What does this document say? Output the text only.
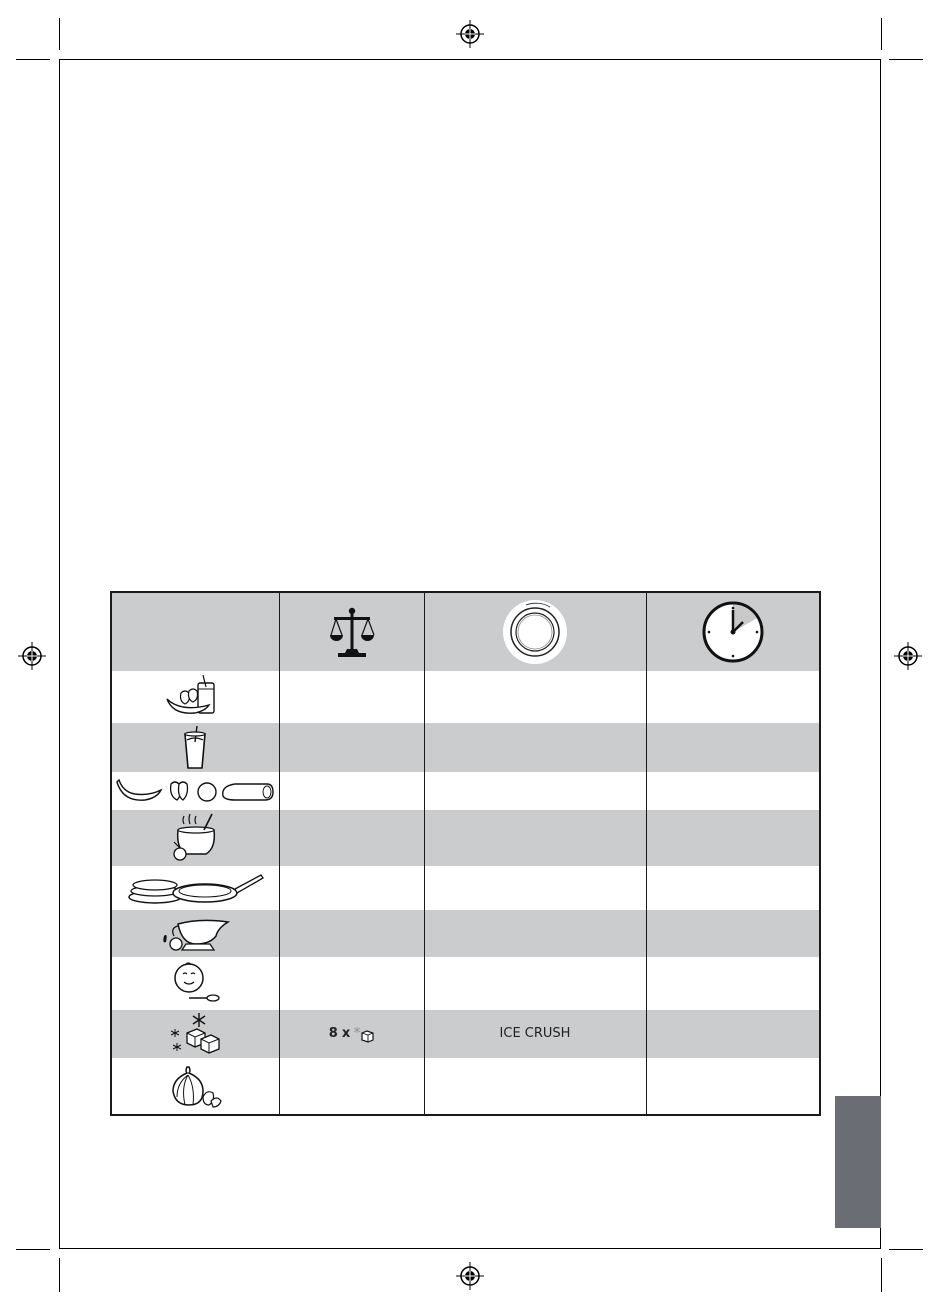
8 x	ICE CRUSH	
